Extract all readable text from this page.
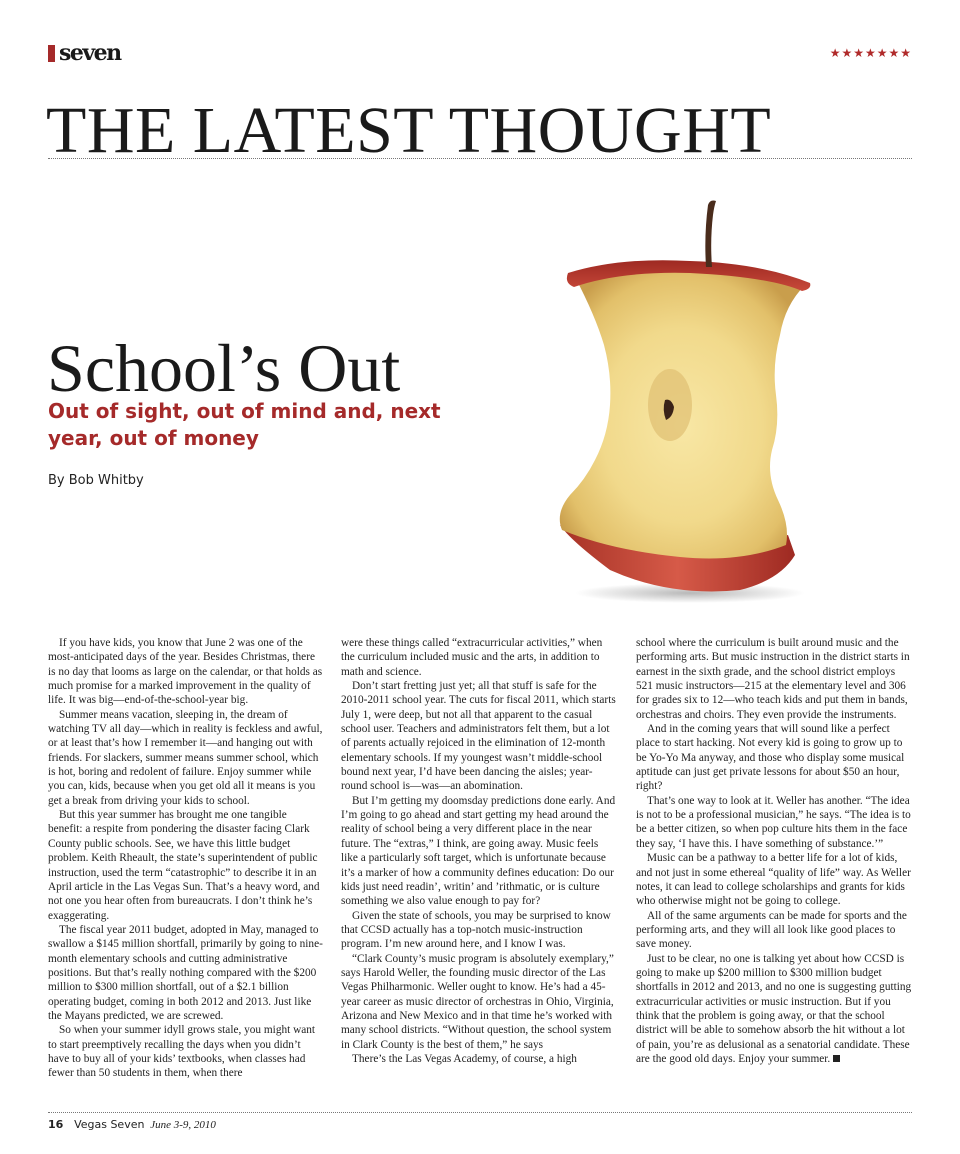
seven	★★★★★★★
THE LATEST THOUGHT
School’s Out
Out of sight, out of mind and, next year, out of money
By Bob Whitby

If you have kids, you know that June 2 was one of the most-anticipated days of the year. Besides Christmas, there is no day that looms as large on the calendar, or that holds as much promise for a marked improvement in the quality of life. It was big—end-of-the-school-year big.

Summer means vacation, sleeping in, the dream of watching TV all day—which in reality is feckless and awful, or at least that’s how I remember it—and hanging out with friends. For slackers, summer means summer school, which is hot, boring and redolent of failure. Enjoy summer while you can, kids, because when you get old all it means is you get a break from driving your kids to school.

But this year summer has brought me one tangible benefit: a respite from pondering the disaster facing Clark County public schools. See, we have this little budget problem. Keith Rheault, the state’s superintendent of public instruction, used the term “catastrophic” to describe it in an April article in the Las Vegas Sun. That’s a heavy word, and not one you hear often from bureaucrats. I don’t think he’s exaggerating.

The fiscal year 2011 budget, adopted in May, managed to swallow a $145 million shortfall, primarily by going to nine-month elementary schools and cutting administrative positions. But that’s really nothing compared with the $200 million to $300 million shortfall, out of a $2.1 billion operating budget, coming in both 2012 and 2013. Just like the Mayans predicted, we are screwed.

So when your summer idyll grows stale, you might want to start preemptively recalling the days when you didn’t have to buy all of your kids’ textbooks, when classes had fewer than 50 students in them, when there

were these things called “extracurricular activities,” when the curriculum included music and the arts, in addition to math and science.

Don’t start fretting just yet; all that stuff is safe for the 2010-2011 school year. The cuts for fiscal 2011, which starts July 1, were deep, but not all that apparent to the casual school user. Teachers and administrators felt them, but a lot of parents actually rejoiced in the elimination of 12-month elementary schools. If my youngest wasn’t middle-school bound next year, I’d have been dancing the aisles; year-round school is—was—an abomination.

But I’m getting my doomsday predictions done early. And I’m going to go ahead and start getting my head around the reality of school being a very different place in the near future. The “extras,” I think, are going away. Music feels like a particularly soft target, which is unfortunate because it’s a marker of how a community defines education: Do our kids just need readin’, writin’ and ’rithmatic, or is culture something we also value enough to pay for?

Given the state of schools, you may be surprised to know that CCSD actually has a top-notch music-instruction program. I’m new around here, and I know I was.

“Clark County’s music program is absolutely exemplary,” says Harold Weller, the founding music director of the Las Vegas Philharmonic. Weller ought to know. He’s had a 45-year career as music director of orchestras in Ohio, Virginia, Arizona and New Mexico and in that time he’s worked with many school districts. “Without question, the school system in Clark County is the best of them,” he says

There’s the Las Vegas Academy, of course, a high

school where the curriculum is built around music and the performing arts. But music instruction in the district starts in earnest in the sixth grade, and the school district employs 521 music instructors—215 at the elementary level and 306 for grades six to 12—who teach kids and put them in bands, orchestras and choirs. They even provide the instruments.

And in the coming years that will sound like a perfect place to start hacking. Not every kid is going to grow up to be Yo-Yo Ma anyway, and those who display some musical aptitude can just get private lessons for about $50 an hour, right?

That’s one way to look at it. Weller has another. “The idea is not to be a professional musician,” he says. “The idea is to be a better citizen, so when pop culture hits them in the face they say, ‘I have this. I have something of substance.’”

Music can be a pathway to a better life for a lot of kids, and not just in some ethereal “quality of life” way. As Weller notes, it can lead to college scholarships and grants for kids who otherwise might not be going to college.

All of the same arguments can be made for sports and the performing arts, and they will all look like good places to save money.

Just to be clear, no one is talking yet about how CCSD is going to make up $200 million to $300 million budget shortfalls in 2012 and 2013, and no one is suggesting gutting extracurricular activities or music instruction. But if you think that the problem is going away, or that the school district will be able to somehow absorb the hit without a lot of pain, you’re as delusional as a senatorial candidate. These are the good old days. Enjoy your summer.

16 Vegas Seven June 3-9, 2010
